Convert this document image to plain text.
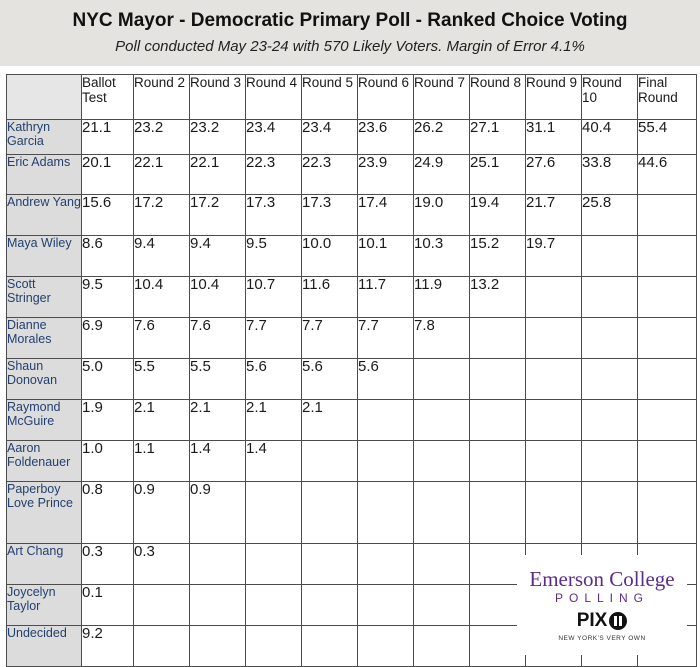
NYC Mayor - Democratic Primary Poll - Ranked Choice Voting
Poll conducted May 23-24 with 570 Likely Voters. Margin of Error 4.1%
	Ballot Test	Round 2	Round 3	Round 4	Round 5	Round 6	Round 7	Round 8	Round 9	Round 10	Final Round
Kathryn Garcia	21.1	23.2	23.2	23.4	23.4	23.6	26.2	27.1	31.1	40.4	55.4
Eric Adams	20.1	22.1	22.1	22.3	22.3	23.9	24.9	25.1	27.6	33.8	44.6
Andrew Yang	15.6	17.2	17.2	17.3	17.3	17.4	19.0	19.4	21.7	25.8	
Maya Wiley	8.6	9.4	9.4	9.5	10.0	10.1	10.3	15.2	19.7		
Scott Stringer	9.5	10.4	10.4	10.7	11.6	11.7	11.9	13.2			
Dianne Morales	6.9	7.6	7.6	7.7	7.7	7.7	7.8				
Shaun Donovan	5.0	5.5	5.5	5.6	5.6	5.6					
Raymond McGuire	1.9	2.1	2.1	2.1	2.1						
Aaron Foldenauer	1.0	1.1	1.4	1.4							
Paperboy Love Prince	0.8	0.9	0.9								
Art Chang	0.3	0.3									
Joycelyn Taylor	0.1										
Undecided	9.2										
Emerson College
POLLING
PIX
NEW YORK'S VERY OWN
